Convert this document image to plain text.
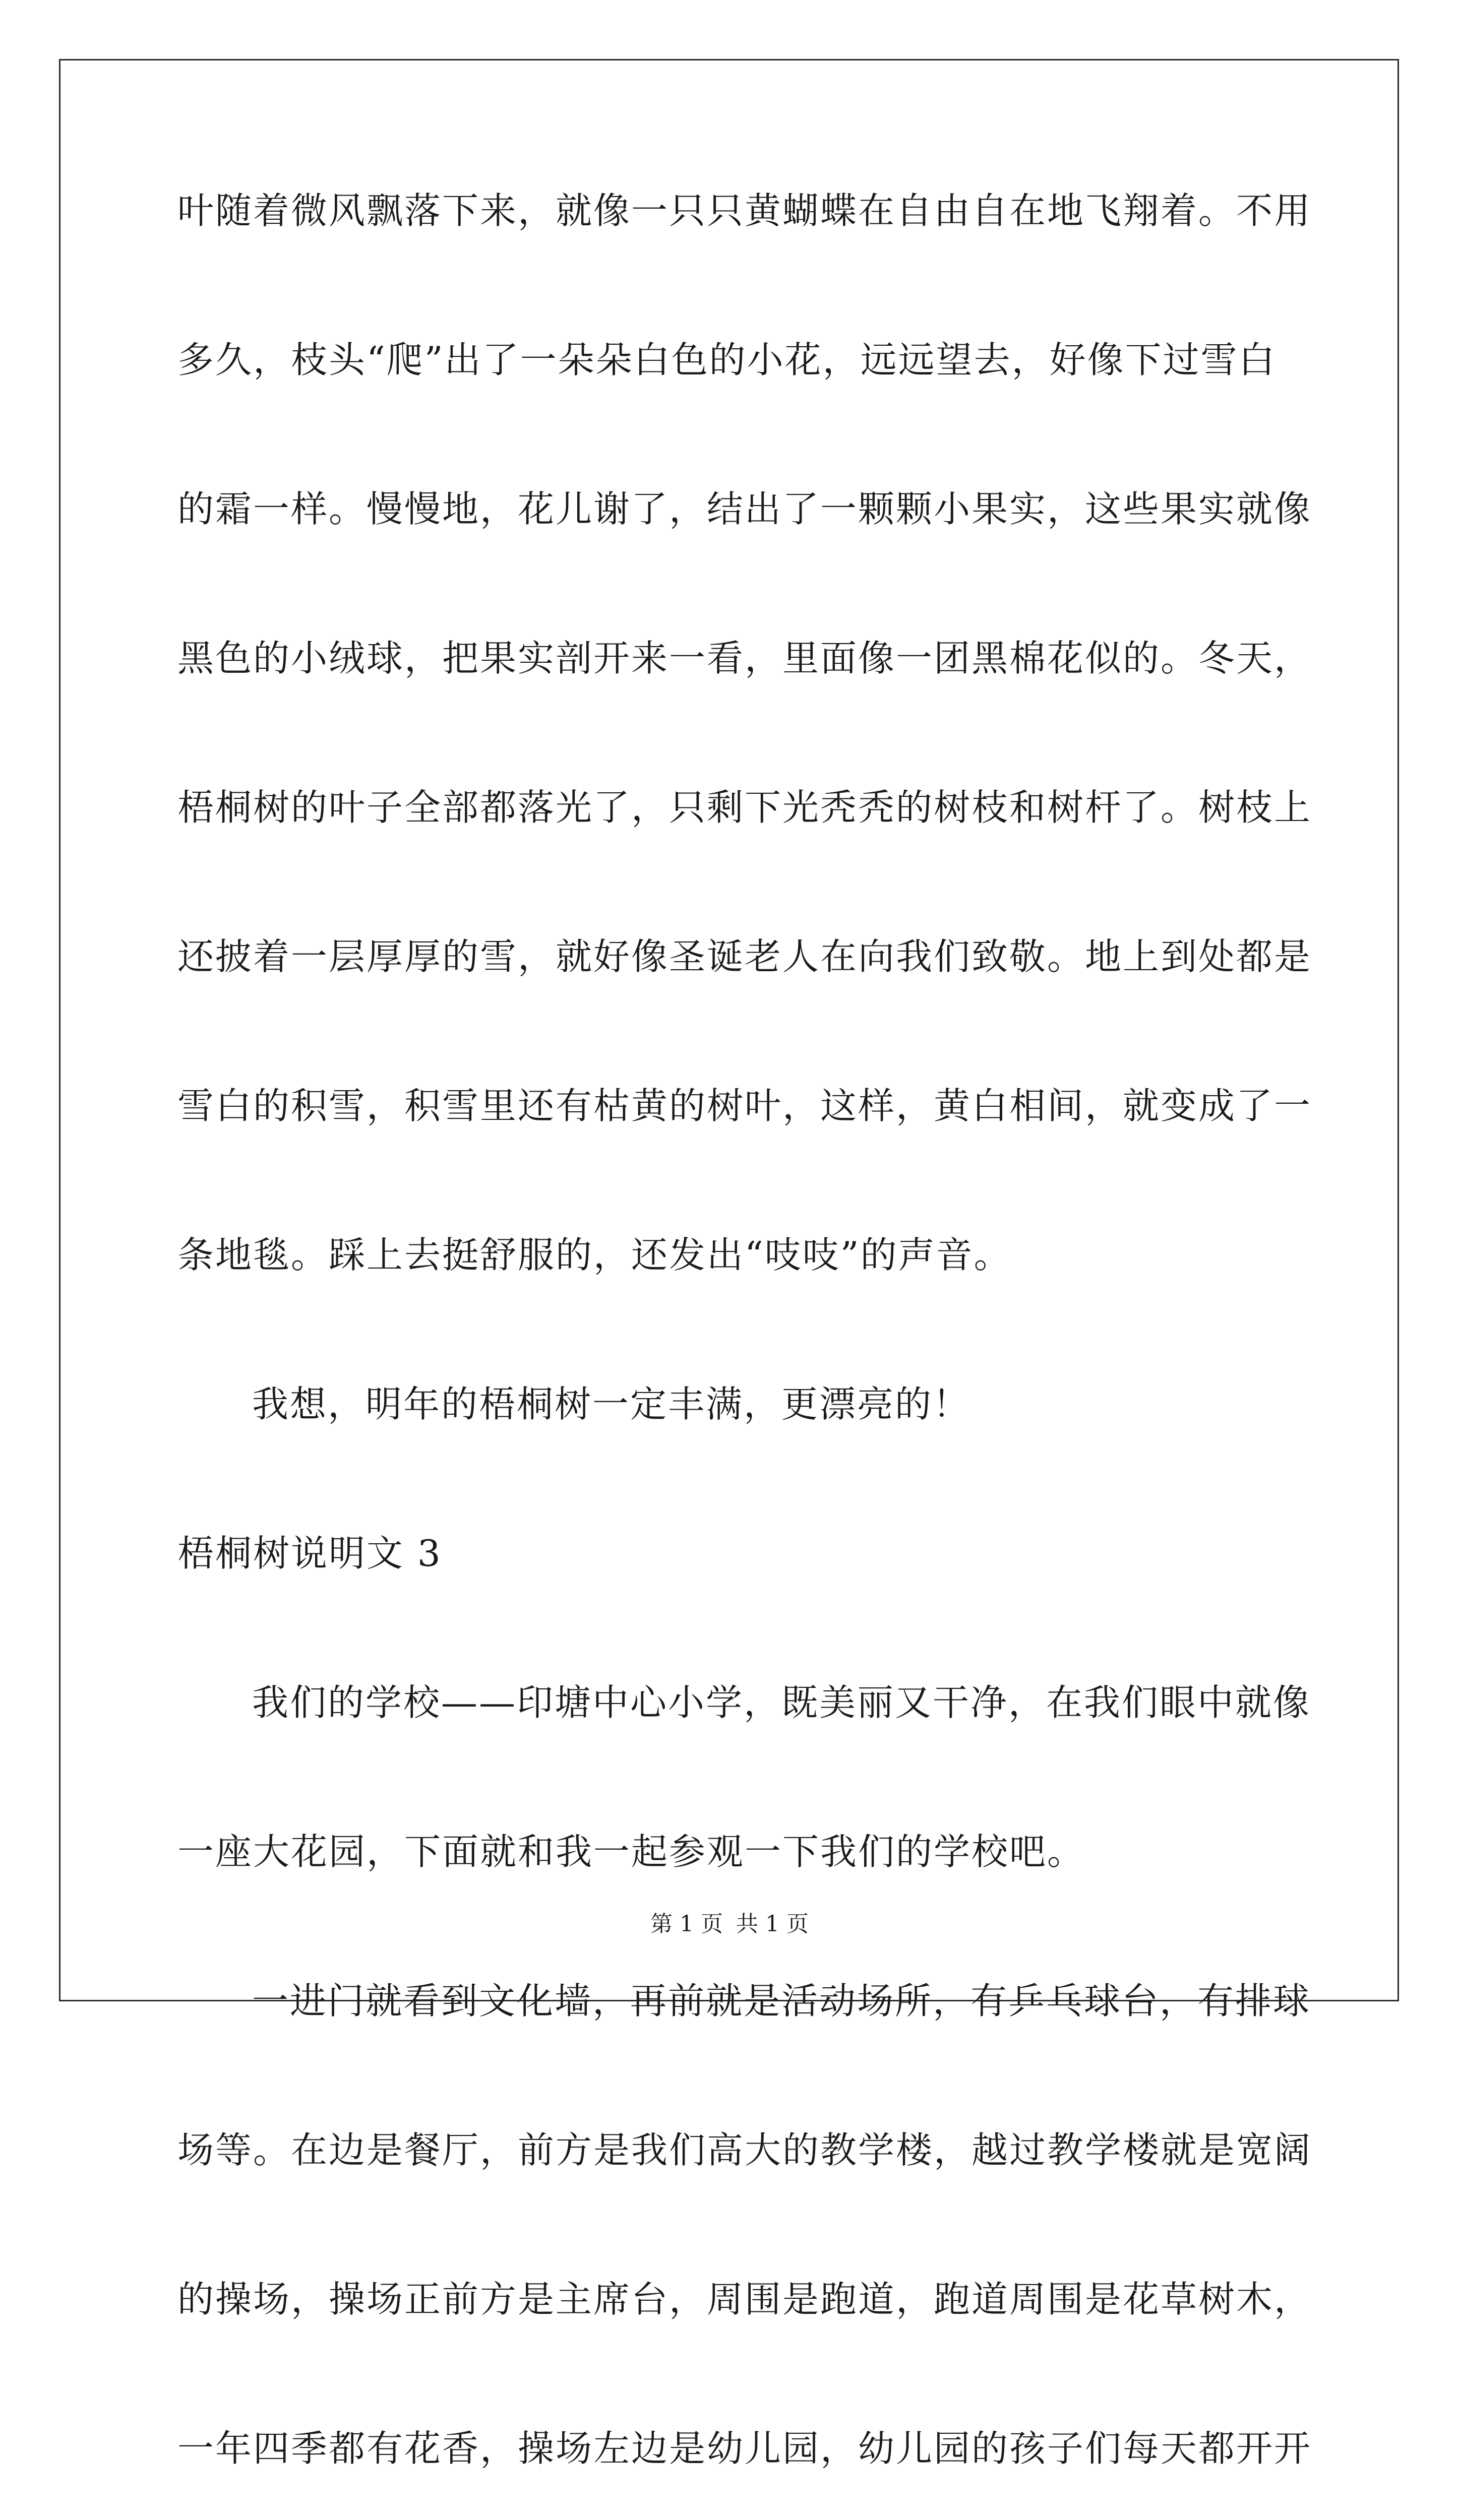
叶随着微风飘落下来，就像一只只黄蝴蝶在自由自在地飞翔着。不用

多久，枝头“爬”出了一朵朵白色的小花，远远望去，好像下过雪白

的霜一样。慢慢地，花儿谢了，结出了一颗颗小果实，这些果实就像

黑色的小绒球，把果实剖开来一看，里面像一团黑棉花似的。冬天，

梧桐树的叶子全部都落光了，只剩下光秃秃的树枝和树杆了。树枝上

还披着一层厚厚的雪，就好像圣诞老人在向我们致敬。地上到处都是

雪白的积雪，积雪里还有枯黄的树叶，这样，黄白相间，就变成了一

条地毯。踩上去挺舒服的，还发出“吱吱”的声音。

我想，明年的梧桐树一定丰满，更漂亮的！

梧桐树说明文 3

我们的学校——印塘中心小学，既美丽又干净，在我们眼中就像

一座大花园，下面就和我一起参观一下我们的学校吧。

一进门就看到文化墙，再前就是活动场所，有乒乓球台，有排球

场等。在边是餐厅，前方是我们高大的教学楼，越过教学楼就是宽阔

的操场，操场正前方是主席台，周围是跑道，跑道周围是花草树木，

一年四季都有花香，操场左边是幼儿园，幼儿园的孩子们每天都开开

第 1 页 共 1 页
